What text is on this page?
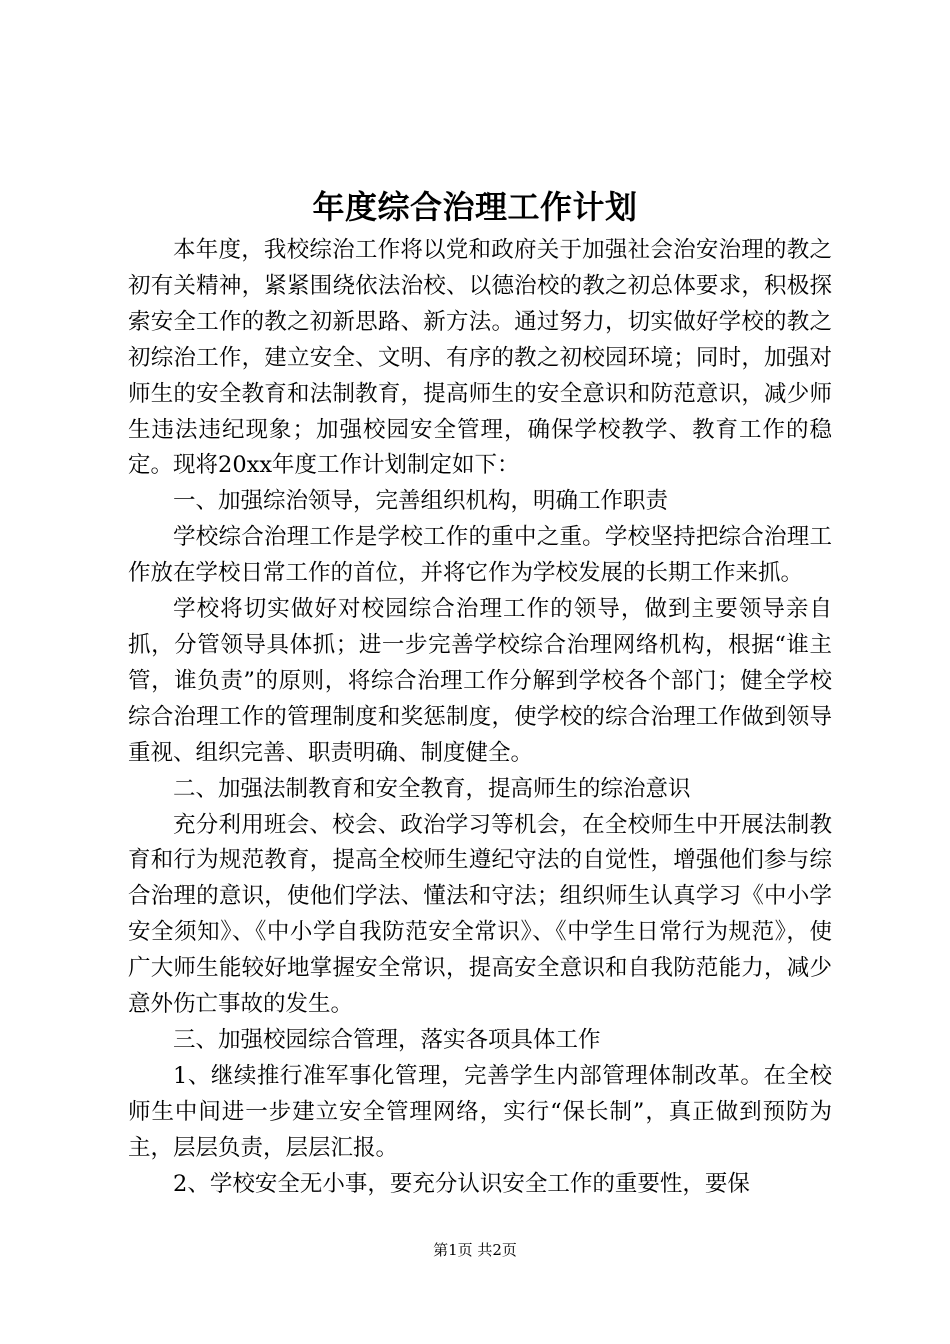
年度综合治理工作计划

本年度，我校综治工作将以党和政府关于加强社会治安治理的教之初有关精神，紧紧围绕依法治校、以德治校的教之初总体要求，积极探索安全工作的教之初新思路、新方法。通过努力，切实做好学校的教之初综治工作，建立安全、文明、有序的教之初校园环境；同时，加强对师生的安全教育和法制教育，提高师生的安全意识和防范意识，减少师生违法违纪现象；加强校园安全管理，确保学校教学、教育工作的稳定。现将20xx年度工作计划制定如下：

一、加强综治领导，完善组织机构，明确工作职责

学校综合治理工作是学校工作的重中之重。学校坚持把综合治理工作放在学校日常工作的首位，并将它作为学校发展的长期工作来抓。

学校将切实做好对校园综合治理工作的领导，做到主要领导亲自抓，分管领导具体抓；进一步完善学校综合治理网络机构，根据“谁主管，谁负责”的原则，将综合治理工作分解到学校各个部门；健全学校综合治理工作的管理制度和奖惩制度，使学校的综合治理工作做到领导重视、组织完善、职责明确、制度健全。

二、加强法制教育和安全教育，提高师生的综治意识

充分利用班会、校会、政治学习等机会，在全校师生中开展法制教育和行为规范教育，提高全校师生遵纪守法的自觉性，增强他们参与综合治理的意识，使他们学法、懂法和守法；组织师生认真学习《中小学安全须知》、《中小学自我防范安全常识》、《中学生日常行为规范》，使广大师生能较好地掌握安全常识，提高安全意识和自我防范能力，减少意外伤亡事故的发生。

三、加强校园综合管理，落实各项具体工作

1、继续推行准军事化管理，完善学生内部管理体制改革。在全校师生中间进一步建立安全管理网络，实行“保长制”，真正做到预防为主，层层负责，层层汇报。

2、学校安全无小事，要充分认识安全工作的重要性，要保

第1页 共2页
